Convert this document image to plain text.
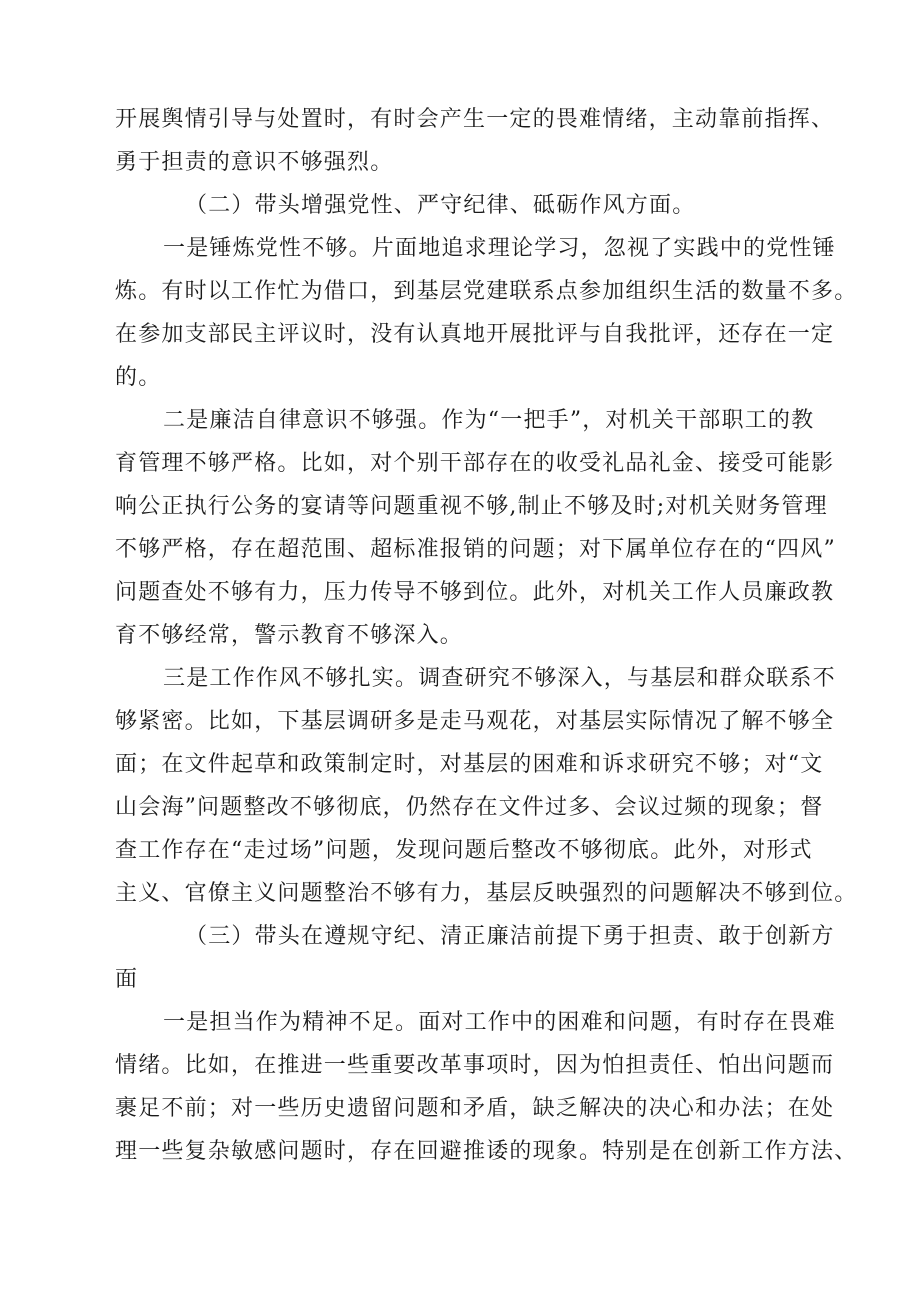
开展舆情引导与处置时，有时会产生一定的畏难情绪，主动靠前指挥、
勇于担责的意识不够强烈。
（二）带头增强党性、严守纪律、砥砺作风方面。
一是锤炼党性不够。片面地追求理论学习，忽视了实践中的党性锤
炼。有时以工作忙为借口，到基层党建联系点参加组织生活的数量不多。
在参加支部民主评议时，没有认真地开展批评与自我批评，还存在一定
的。
二是廉洁自律意识不够强。作为“一把手”，对机关干部职工的教
育管理不够严格。比如，对个别干部存在的收受礼品礼金、接受可能影
响公正执行公务的宴请等问题重视不够,制止不够及时;对机关财务管理
不够严格，存在超范围、超标准报销的问题；对下属单位存在的“四风”
问题查处不够有力，压力传导不够到位。此外，对机关工作人员廉政教
育不够经常，警示教育不够深入。
三是工作作风不够扎实。调查研究不够深入，与基层和群众联系不
够紧密。比如，下基层调研多是走马观花，对基层实际情况了解不够全
面；在文件起草和政策制定时，对基层的困难和诉求研究不够；对“文
山会海”问题整改不够彻底，仍然存在文件过多、会议过频的现象；督
查工作存在“走过场”问题，发现问题后整改不够彻底。此外，对形式
主义、官僚主义问题整治不够有力，基层反映强烈的问题解决不够到位。
（三）带头在遵规守纪、清正廉洁前提下勇于担责、敢于创新方
面
一是担当作为精神不足。面对工作中的困难和问题，有时存在畏难
情绪。比如，在推进一些重要改革事项时，因为怕担责任、怕出问题而
裹足不前；对一些历史遗留问题和矛盾，缺乏解决的决心和办法；在处
理一些复杂敏感问题时，存在回避推诿的现象。特别是在创新工作方法、
